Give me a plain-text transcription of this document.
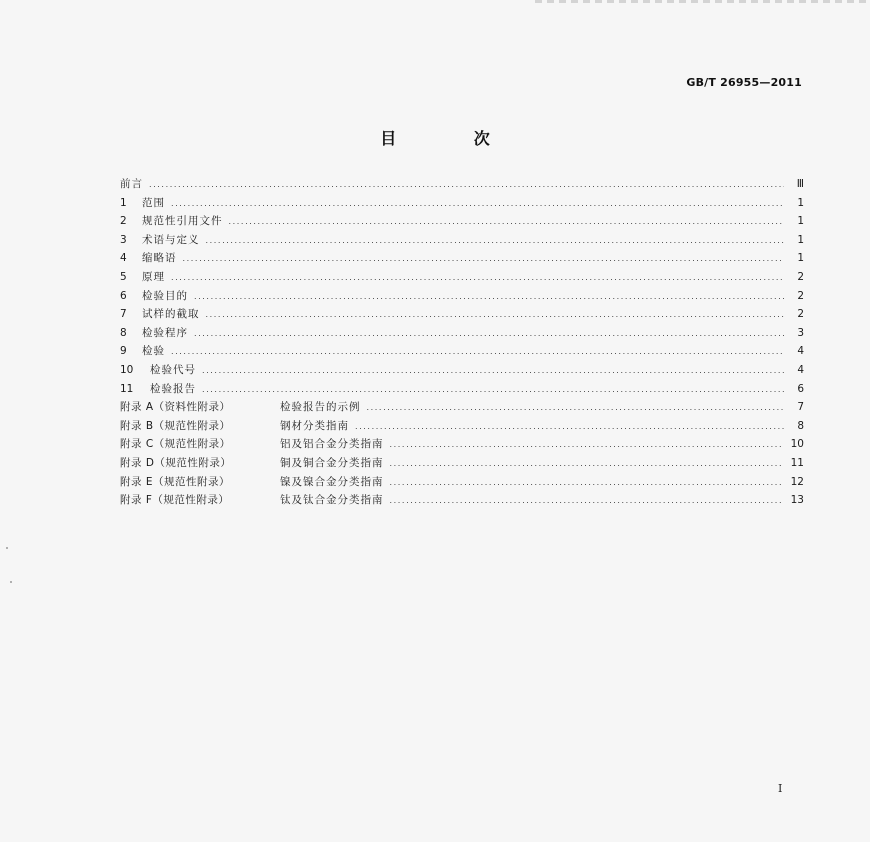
GB/T 26955—2011
目 次
前言 .....	Ⅲ
1	范围 .....	1
2	规范性引用文件 .....	1
3	术语与定义 .....	1
4	缩略语 .....	1
5	原理 .....	2
6	检验目的 .....	2
7	试样的截取 .....	2
8	检验程序 .....	3
9	检验 .....	4
10	检验代号 .....	4
11	检验报告 .....	6
附录 A（资料性附录）	检验报告的示例 .....	7
附录 B（规范性附录）	钢材分类指南 .....	8
附录 C（规范性附录）	铝及铝合金分类指南 .....	10
附录 D（规范性附录）	铜及铜合金分类指南 .....	11
附录 E（规范性附录）	镍及镍合金分类指南 .....	12
附录 F（规范性附录）	钛及钛合金分类指南 .....	13
I
